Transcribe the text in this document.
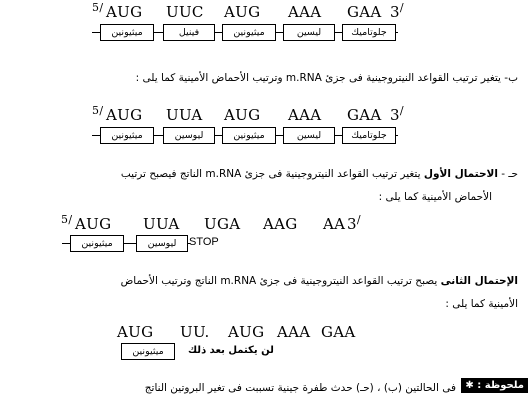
$^{5/}$ AUG UUC AUG AAA GAA 3/
ميثيونين	فينيل	ميثيونين	ليسين	جلوتاميك
ب- يتغير ترتيب القواعد النيتروجينية فى جزئ m.RNA وترتيب الأحماض الأمينية كما يلى :
$^{5/}$ AUG UUA AUG AAA GAA 3/
ميثيونين	ليوسين	ميثيونين	ليسين	جلوتاميك
حـ - الاحتمال الأول يتغير ترتيب القواعد النيتروجينية فى جزئ m.RNA الناتج فيصبح ترتيب
الأحماض الأمينية كما يلى :
$^{5/}$ AUG UUA UGA AAG AA 3/
ميثيونين	ليوسين	STOP
الإحتمال الثانى يصبح ترتيب القواعد النيتروجينية فى جزئ m.RNA الناتج وترتيب الأحماض
الأمينية كما يلى :
AUG UU. AUG AAA GAA
ميثيونين	لن يكتمل بعد ذلك
ملحوظة : ✱
فى الحالتين (ب) ، (حـ) حدث طفرة جينية تسببت فى تغير البروتين الناتج
